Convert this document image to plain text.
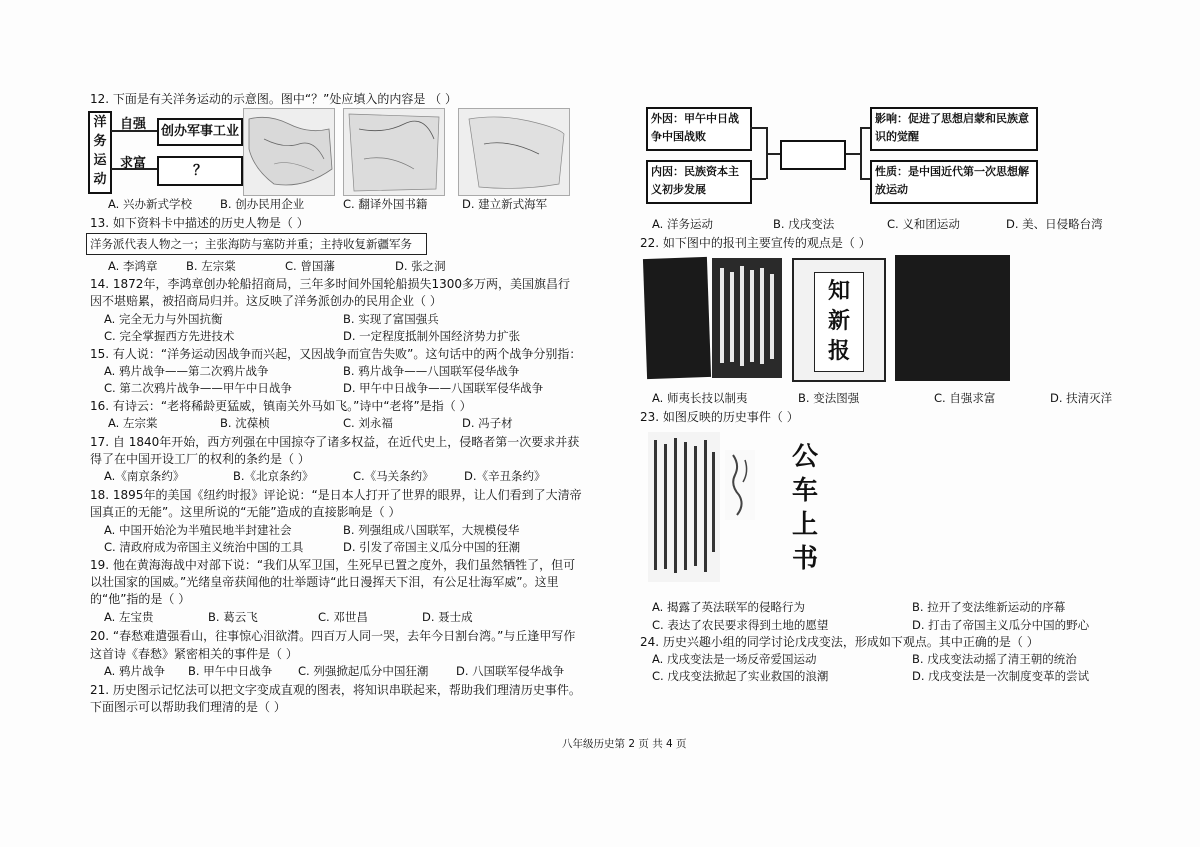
12. 下面是有关洋务运动的示意图。图中“？”处应填入的内容是 （ ）
洋
务
运
动
自强
求富
创办军事工业
？
A. 兴办新式学校 B. 创办民用企业	C. 翻译外国书籍	D. 建立新式海军
13. 如下资料卡中描述的历史人物是（ ）
洋务派代表人物之一；主张海防与塞防并重；主持收复新疆军务
A. 李鸿章 B. 左宗棠	C. 曾国藩	D. 张之洞
14. 1872年，李鸿章创办轮船招商局，三年多时间外国轮船损失1300多万两，美国旗昌行
因不堪赔累，被招商局归并。这反映了洋务派创办的民用企业（ ）
A. 完全无力与外国抗衡	B. 实现了富国强兵
C. 完全掌握西方先进技术	D. 一定程度抵制外国经济势力扩张
15. 有人说：“洋务运动因战争而兴起，又因战争而宣告失败”。这句话中的两个战争分别指：
A. 鸦片战争——第二次鸦片战争	B. 鸦片战争——八国联军侵华战争
C. 第二次鸦片战争——甲午中日战争	D. 甲午中日战争——八国联军侵华战争
16. 有诗云：“老将稀龄更猛威，镇南关外马如飞。”诗中“老将”是指（ ）
A. 左宗棠	B. 沈葆桢	C. 刘永福	D. 冯子材
17. 自 1840年开始，西方列强在中国掠夺了诸多权益，在近代史上，侵略者第一次要求并获
得了在中国开设工厂的权利的条约是（ ）
A.《南京条约》	B.《北京条约》	C.《马关条约》	D.《辛丑条约》
18. 1895年的美国《纽约时报》评论说：“是日本人打开了世界的眼界，让人们看到了大清帝
国真正的无能”。这里所说的“无能”造成的直接影响是（ ）
A. 中国开始沦为半殖民地半封建社会	B. 列强组成八国联军，大规模侵华
C. 清政府成为帝国主义统治中国的工具	D. 引发了帝国主义瓜分中国的狂潮
19. 他在黄海海战中对部下说：“我们从军卫国，生死早已置之度外，我们虽然牺牲了，但可
以壮国家的国威。”光绪皇帝获闻他的壮举题诗“此日漫挥天下泪，有公足壮海军威”。这里
的“他”指的是（ ）
A. 左宝贵	B. 葛云飞	C. 邓世昌	D. 聂士成
20. “春愁难遣强看山，往事惊心泪欲潸。四百万人同一哭，去年今日割台湾。”与丘逢甲写作
这首诗《春愁》紧密相关的事件是（ ）
A. 鸦片战争 B. 甲午中日战争 C. 列强掀起瓜分中国狂潮 D. 八国联军侵华战争
21. 历史图示记忆法可以把文字变成直观的图表，将知识串联起来，帮助我们理清历史事件。
下面图示可以帮助我们理清的是（ ）
外因：甲午中日战争中国战败
内因：民族资本主义初步发展
影响：促进了思想启蒙和民族意识的觉醒
性质：是中国近代第一次思想解放运动
A. 洋务运动	B. 戊戌变法	C. 义和团运动	D. 美、日侵略台湾
22. 如下图中的报刊主要宣传的观点是（ ）
知
新
报
A. 师夷长技以制夷	B. 变法图强	C. 自强求富	D. 扶清灭洋
23. 如图反映的历史事件（ ）
公
车
上
书
A. 揭露了英法联军的侵略行为	B. 拉开了变法维新运动的序幕
C. 表达了农民要求得到土地的愿望	D. 打击了帝国主义瓜分中国的野心
24. 历史兴趣小组的同学讨论戊戌变法，形成如下观点。其中正确的是（ ）
A. 戊戌变法是一场反帝爱国运动	B. 戊戌变法动摇了清王朝的统治
C. 戊戌变法掀起了实业救国的浪潮	D. 戊戌变法是一次制度变革的尝试
八年级历史第 2 页 共 4 页
